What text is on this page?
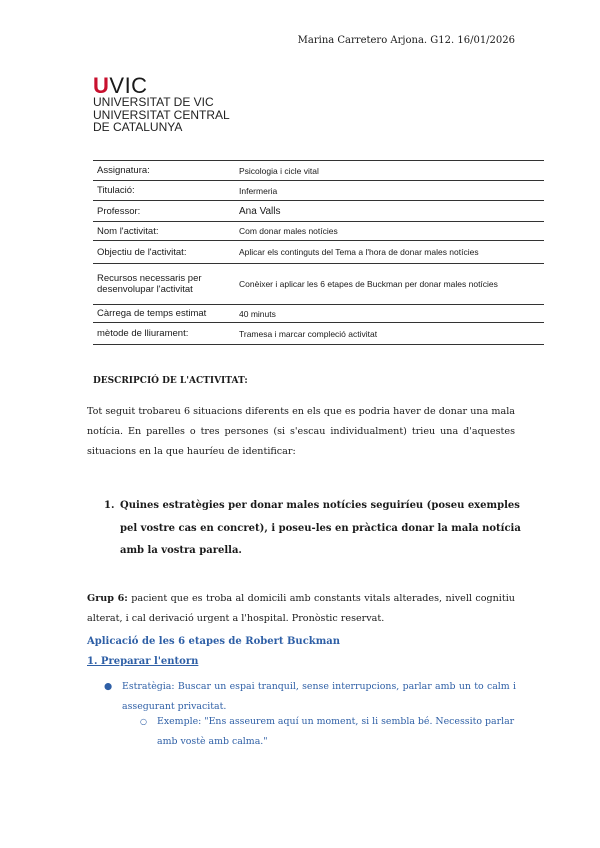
Marina Carretero Arjona. G12. 16/01/2026
UVIC
UNIVERSITAT DE VIC
UNIVERSITAT CENTRAL
DE CATALUNYA
Assignatura:	Psicologia i cicle vital
Titulació:	Infermeria
Professor:	Ana Valls
Nom l'activitat:	Com donar males notícies
Objectiu de l'activitat:	Aplicar els continguts del Tema a l'hora de donar males notícies
Recursos necessaris per desenvolupar l'activitat	Conèixer i aplicar les 6 etapes de Buckman per donar males notícies
Càrrega de temps estimat	40 minuts
mètode de lliurament:	Tramesa i marcar compleció activitat
DESCRIPCIÓ DE L'ACTIVITAT:
Tot seguit trobareu 6 situacions diferents en els que es podria haver de donar una mala notícia. En parelles o tres persones (si s'escau individualment) trieu una d'aquestes situacions en la que hauríeu de identificar:
1. Quines estratègies per donar males notícies seguiríeu (poseu exemples pel vostre cas en concret), i poseu-les en pràctica donar la mala notícia amb la vostra parella.
Grup 6: pacient que es troba al domicili amb constants vitals alterades, nivell cognitiu alterat, i cal derivació urgent a l'hospital. Pronòstic reservat.
Aplicació de les 6 etapes de Robert Buckman
1. Preparar l'entorn
● Estratègia: Buscar un espai tranquil, sense interrupcions, parlar amb un to calm i assegurant privacitat.
○ Exemple: "Ens asseurem aquí un moment, si li sembla bé. Necessito parlar amb vostè amb calma."
